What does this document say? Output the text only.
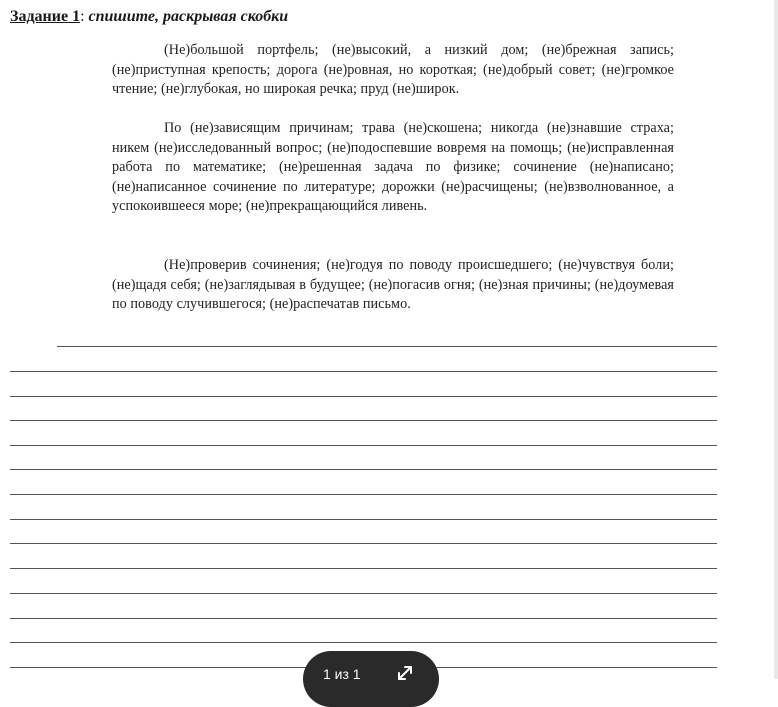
Задание 1: спишите, раскрывая скобки
(Не)большой портфель; (не)высокий, а низкий дом; (не)брежная запись; (не)приступная крепость; дорога (не)ровная, но короткая; (не)добрый совет; (не)громкое чтение; (не)глубокая, но широкая речка; пруд (не)широк.
По (не)зависящим причинам; трава (не)скошена; никогда (не)знавшие страха; никем (не)исследованный вопрос; (не)подоспевшие вовремя на помощь; (не)исправленная работа по математике; (не)решенная задача по физике; сочинение (не)написано; (не)написанное сочинение по литературе; дорожки (не)расчищены; (не)взволнованное, а успокоившееся море; (не)прекращающийся ливень.
(Не)проверив сочинения; (не)годуя по поводу происшедшего; (не)чувствуя боли; (не)щадя себя; (не)заглядывая в будущее; (не)погасив огня; (не)зная причины; (не)доумевая по поводу случившегося; (не)распечатав письмо.
1 из 1
